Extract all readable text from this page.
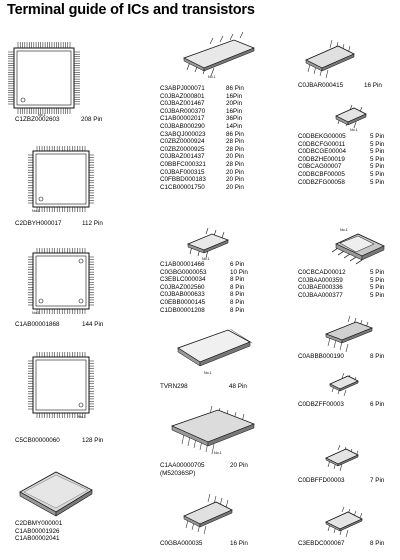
Terminal guide of ICs and transistors
No.1
C1ZBZ0002603	208 Pin
No.1
C2DBYH000017	112 Pin
No.1
C1AB00001868	144 Pin
No.1
C5CB00000060	128 Pin
C2DBMY000001
C1AB00001926
C1AB00002041
No.1
C3ABPJ000071	86 Pin
C0JBAZ000801	16Pin
C0JBAZ001467	20Pin
C0JBAR000370	16Pin
C1AB00002017	36Pin
C0JBAB000290	14Pin
C3ABQJ000023	86 Pin
C0ZBZ0000924	28 Pin
C0ZBZ0000925	28 Pin
C0JBAZ001437	20 Pin
C0BBFC000321	28 Pin
C0JBAF000315	20 Pin
C0FBBD000183	20 Pin
C1CB00001750	20 Pin
No.1
C1AB00001466	6 Pin
C0GBG0000053	10 Pin
C3EBLC000034	8 Pin
C0JBAZ002560	8 Pin
C0JBAB000633	8 Pin
C0EBB0000145	8 Pin
C1DB00001208	8 Pin
No.1
TVRN298	48 Pin
No.1
C1AA00000705	20 Pin
(M52036SP)
C0GBA000035	16 Pin
C0JBAR000415	16 Pin
No.1
C0DBEKG00005	5 Pin
C0DBCFG00011	5 Pin
C0DBCGE00004	5 Pin
C0DBZHE00019	5 Pin
C0BCAG00007	5 Pin
C0DBCBF00005	5 Pin
C0DBZFG00058	5 Pin
No.1
C0CBCAD00012	5 Pin
C0JBAA000359	5 Pin
C0JBAE000336	5 Pin
C0JBAA000377	5 Pin
C0ABBB000190	8 Pin
C0DBZFF00003	6 Pin
C0DBFFD00003	7 Pin
C3EBDC000067	8 Pin
